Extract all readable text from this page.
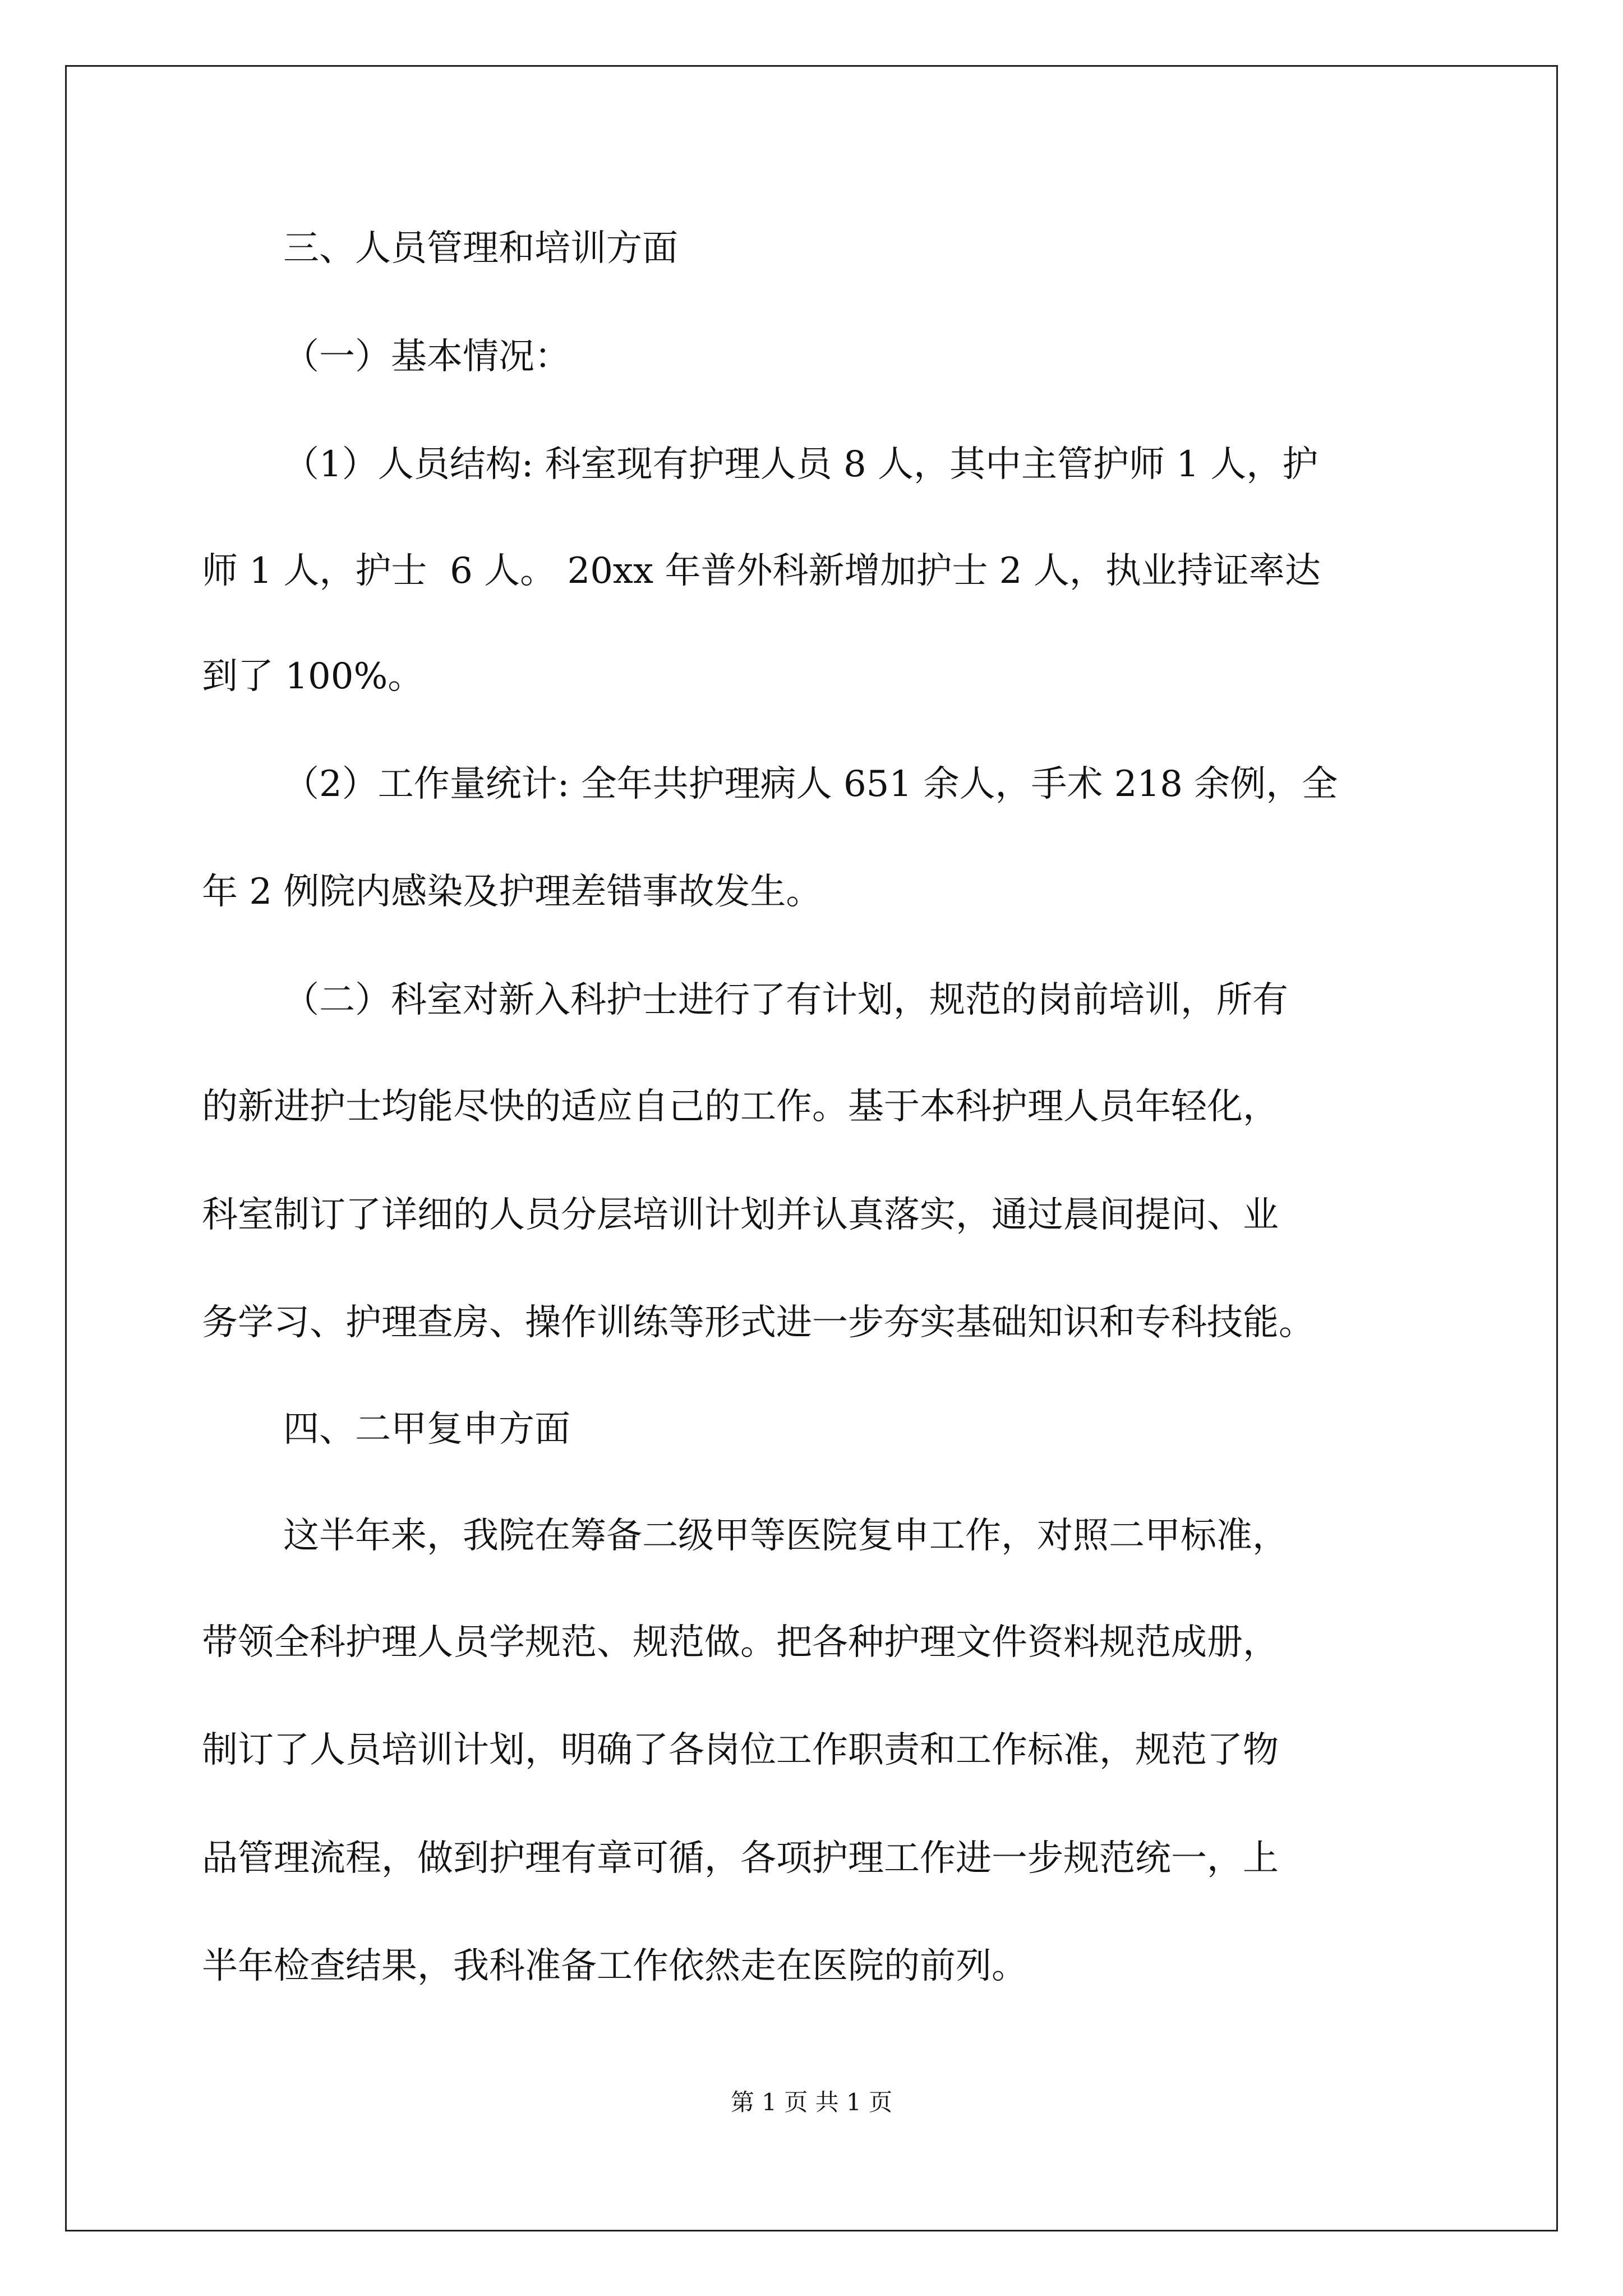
三、人员管理和培训方面
（一）基本情况：
（1）人员结构: 科室现有护理人员 8 人，其中主管护师 1 人，护
师 1 人，护士  6 人。 20xx 年普外科新增加护士 2 人，执业持证率达
到了 100%。
（2）工作量统计: 全年共护理病人 651 余人，手术 218 余例，全
年 2 例院内感染及护理差错事故发生。
（二）科室对新入科护士进行了有计划，规范的岗前培训，所有
的新进护士均能尽快的适应自己的工作。基于本科护理人员年轻化，
科室制订了详细的人员分层培训计划并认真落实，通过晨间提问、业
务学习、护理查房、操作训练等形式进一步夯实基础知识和专科技能。
四、二甲复申方面
这半年来，我院在筹备二级甲等医院复申工作，对照二甲标准，
带领全科护理人员学规范、规范做。把各种护理文件资料规范成册，
制订了人员培训计划，明确了各岗位工作职责和工作标准，规范了物
品管理流程，做到护理有章可循，各项护理工作进一步规范统一，上
半年检查结果，我科准备工作依然走在医院的前列。
第 1 页 共 1 页
